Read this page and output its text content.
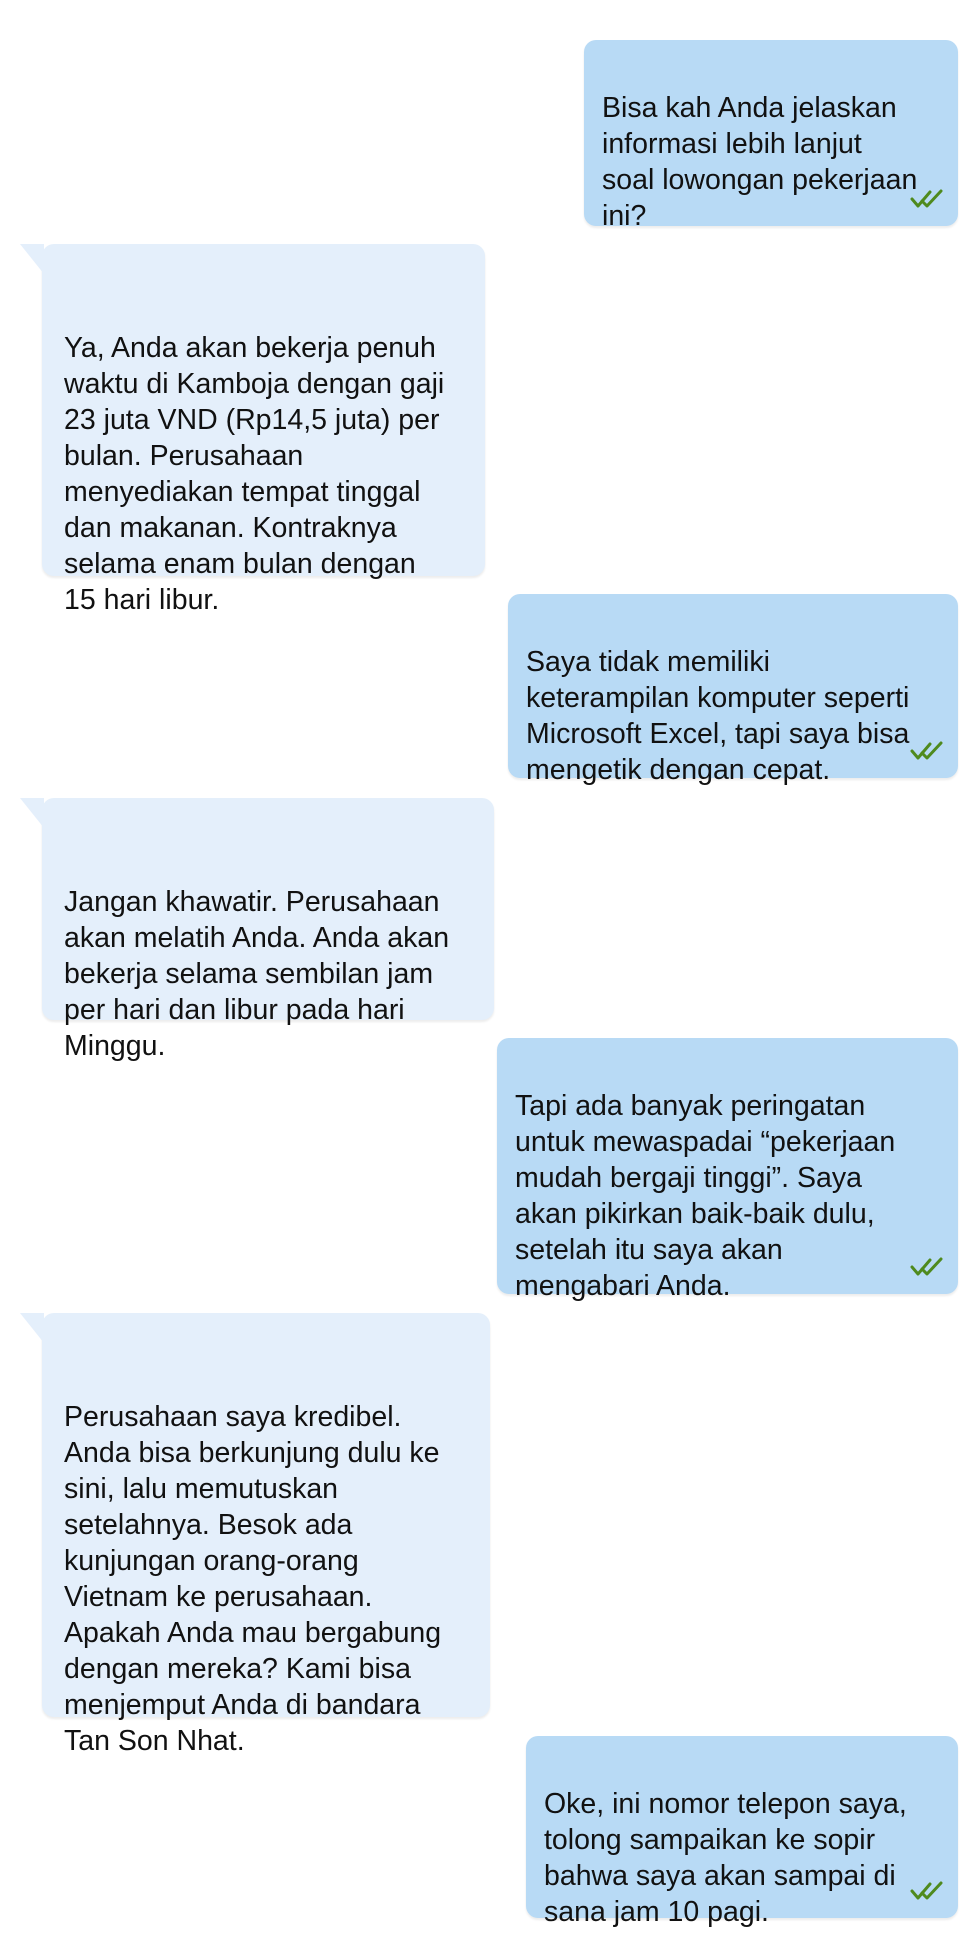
Bisa kah Anda jelaskan
informasi lebih lanjut
soal lowongan pekerjaan
ini?

Ya, Anda akan bekerja penuh
waktu di Kamboja dengan gaji
23 juta VND (Rp14,5 juta) per
bulan. Perusahaan
menyediakan tempat tinggal
dan makanan. Kontraknya
selama enam bulan dengan
15 hari libur.

Saya tidak memiliki
keterampilan komputer seperti
Microsoft Excel, tapi saya bisa
mengetik dengan cepat.

Jangan khawatir. Perusahaan
akan melatih Anda. Anda akan
bekerja selama sembilan jam
per hari dan libur pada hari
Minggu.

Tapi ada banyak peringatan
untuk mewaspadai “pekerjaan
mudah bergaji tinggi”. Saya
akan pikirkan baik-baik dulu,
setelah itu saya akan
mengabari Anda.

Perusahaan saya kredibel.
Anda bisa berkunjung dulu ke
sini, lalu memutuskan
setelahnya. Besok ada
kunjungan orang-orang
Vietnam ke perusahaan.
Apakah Anda mau bergabung
dengan mereka? Kami bisa
menjemput Anda di bandara
Tan Son Nhat.

Oke, ini nomor telepon saya,
tolong sampaikan ke sopir
bahwa saya akan sampai di
sana jam 10 pagi.
